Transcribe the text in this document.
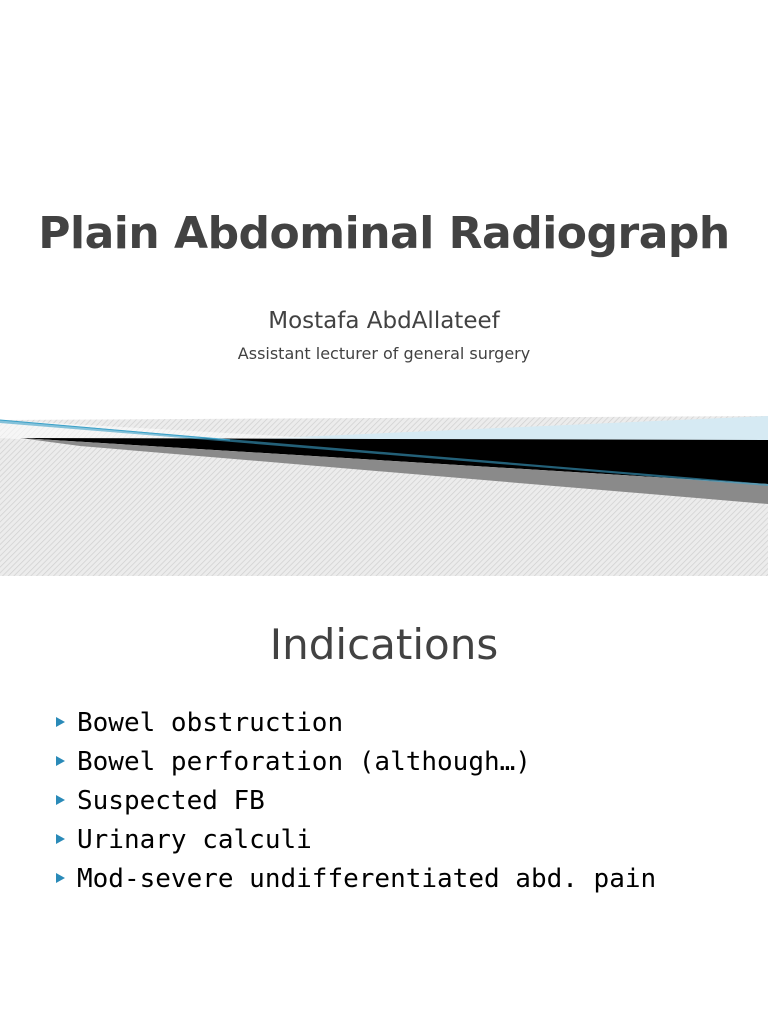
Plain Abdominal Radiograph
Mostafa AbdAllateef
Assistant lecturer of general surgery
Indications
Bowel obstruction
Bowel perforation (although…)
Suspected FB
Urinary calculi
Mod-severe undifferentiated abd. pain
